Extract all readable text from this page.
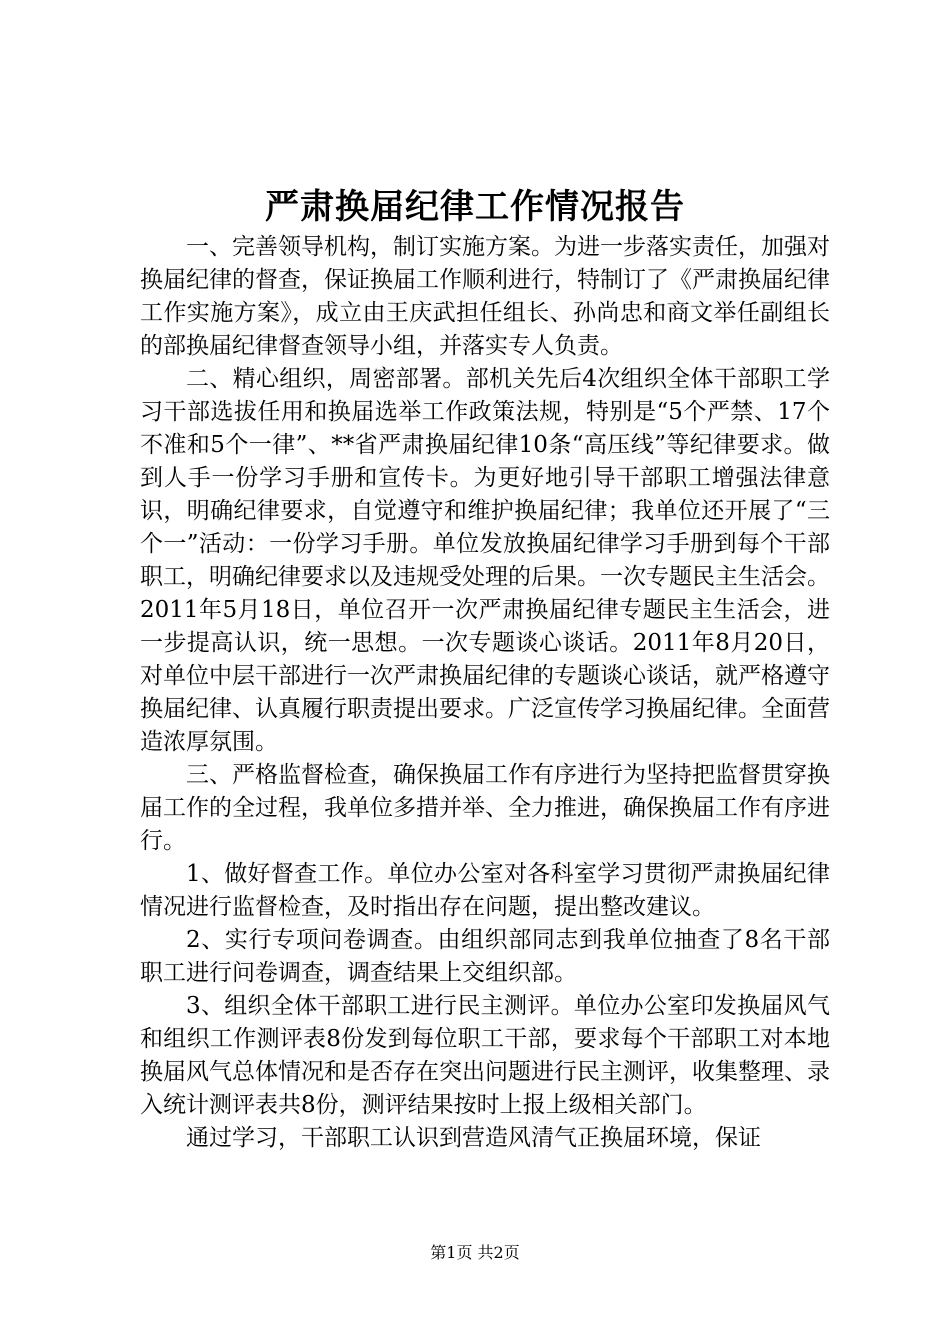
严肃换届纪律工作情况报告

一、完善领导机构，制订实施方案。为进一步落实责任，加强对换届纪律的督查，保证换届工作顺利进行，特制订了《严肃换届纪律工作实施方案》，成立由王庆武担任组长、孙尚忠和商文举任副组长的部换届纪律督查领导小组，并落实专人负责。

二、精心组织，周密部署。部机关先后4次组织全体干部职工学习干部选拔任用和换届选举工作政策法规，特别是“5个严禁、17个不准和5个一律”、**省严肃换届纪律10条“高压线”等纪律要求。做到人手一份学习手册和宣传卡。为更好地引导干部职工增强法律意识，明确纪律要求，自觉遵守和维护换届纪律；我单位还开展了“三个一”活动：一份学习手册。单位发放换届纪律学习手册到每个干部职工，明确纪律要求以及违规受处理的后果。一次专题民主生活会。2011年5月18日，单位召开一次严肃换届纪律专题民主生活会，进一步提高认识，统一思想。一次专题谈心谈话。2011年8月20日，对单位中层干部进行一次严肃换届纪律的专题谈心谈话，就严格遵守换届纪律、认真履行职责提出要求。广泛宣传学习换届纪律。全面营造浓厚氛围。

三、严格监督检查，确保换届工作有序进行为坚持把监督贯穿换届工作的全过程，我单位多措并举、全力推进，确保换届工作有序进行。

1、做好督查工作。单位办公室对各科室学习贯彻严肃换届纪律情况进行监督检查，及时指出存在问题，提出整改建议。

2、实行专项问卷调查。由组织部同志到我单位抽查了8名干部职工进行问卷调查，调查结果上交组织部。

3、组织全体干部职工进行民主测评。单位办公室印发换届风气和组织工作测评表8份发到每位职工干部，要求每个干部职工对本地换届风气总体情况和是否存在突出问题进行民主测评，收集整理、录入统计测评表共8份，测评结果按时上报上级相关部门。

通过学习，干部职工认识到营造风清气正换届环境，保证

第1页 共2页
